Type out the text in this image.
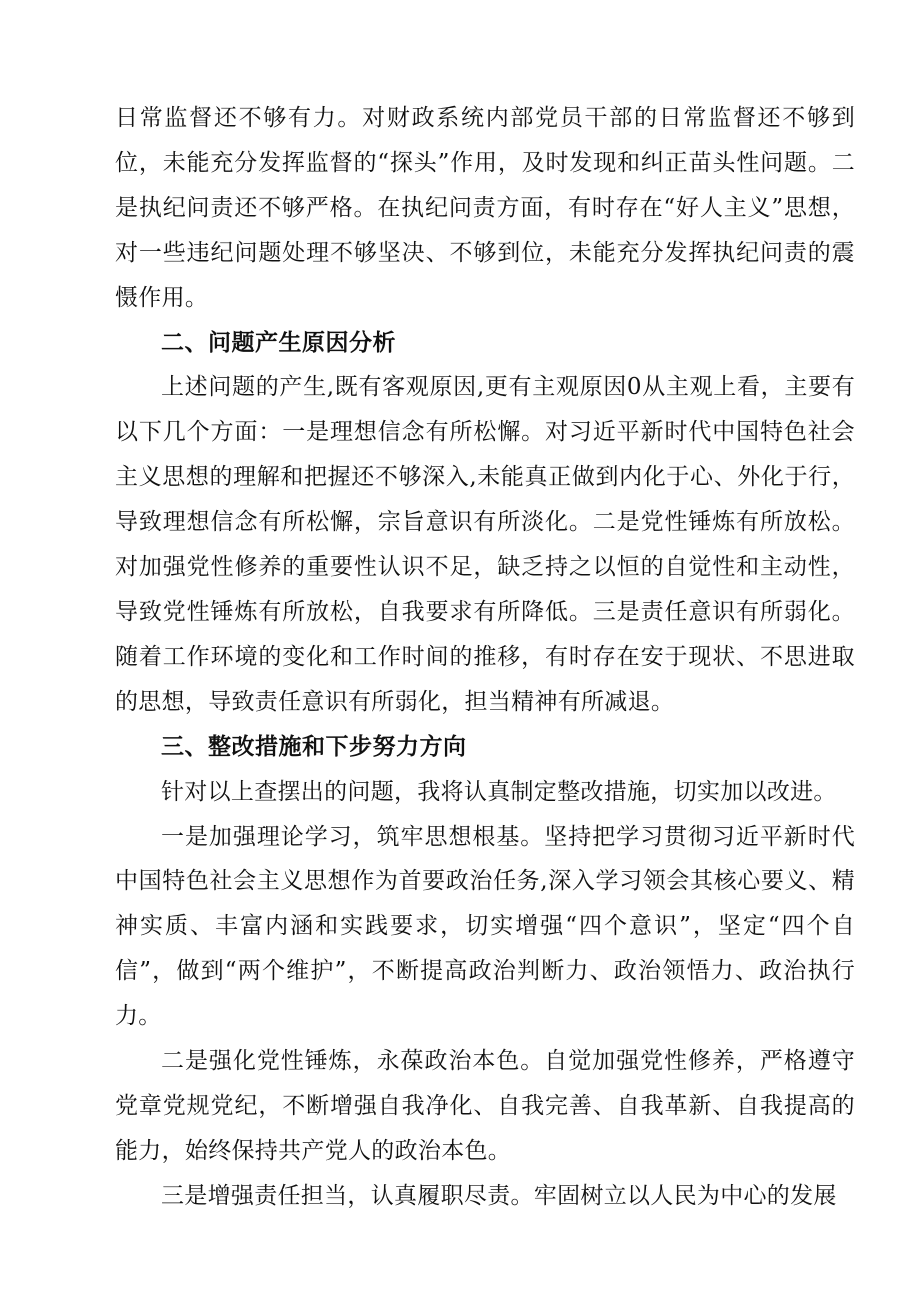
日常监督还不够有力。对财政系统内部党员干部的日常监督还不够到位，未能充分发挥监督的“探头”作用，及时发现和纠正苗头性问题。二是执纪问责还不够严格。在执纪问责方面，有时存在“好人主义”思想，对一些违纪问题处理不够坚决、不够到位，未能充分发挥执纪问责的震慑作用。

二、问题产生原因分析

上述问题的产生,既有客观原因,更有主观原因0从主观上看，主要有以下几个方面：一是理想信念有所松懈。对习近平新时代中国特色社会主义思想的理解和把握还不够深入,未能真正做到内化于心、外化于行，导致理想信念有所松懈，宗旨意识有所淡化。二是党性锤炼有所放松。对加强党性修养的重要性认识不足，缺乏持之以恒的自觉性和主动性，导致党性锤炼有所放松，自我要求有所降低。三是责任意识有所弱化。随着工作环境的变化和工作时间的推移，有时存在安于现状、不思进取的思想，导致责任意识有所弱化，担当精神有所减退。

三、整改措施和下步努力方向

针对以上查摆出的问题，我将认真制定整改措施，切实加以改进。

一是加强理论学习，筑牢思想根基。坚持把学习贯彻习近平新时代中国特色社会主义思想作为首要政治任务,深入学习领会其核心要义、精神实质、丰富内涵和实践要求，切实增强“四个意识”，坚定“四个自信”，做到“两个维护”，不断提高政治判断力、政治领悟力、政治执行力。

二是强化党性锤炼，永葆政治本色。自觉加强党性修养，严格遵守党章党规党纪，不断增强自我净化、自我完善、自我革新、自我提高的能力，始终保持共产党人的政治本色。

三是增强责任担当，认真履职尽责。牢固树立以人民为中心的发展
